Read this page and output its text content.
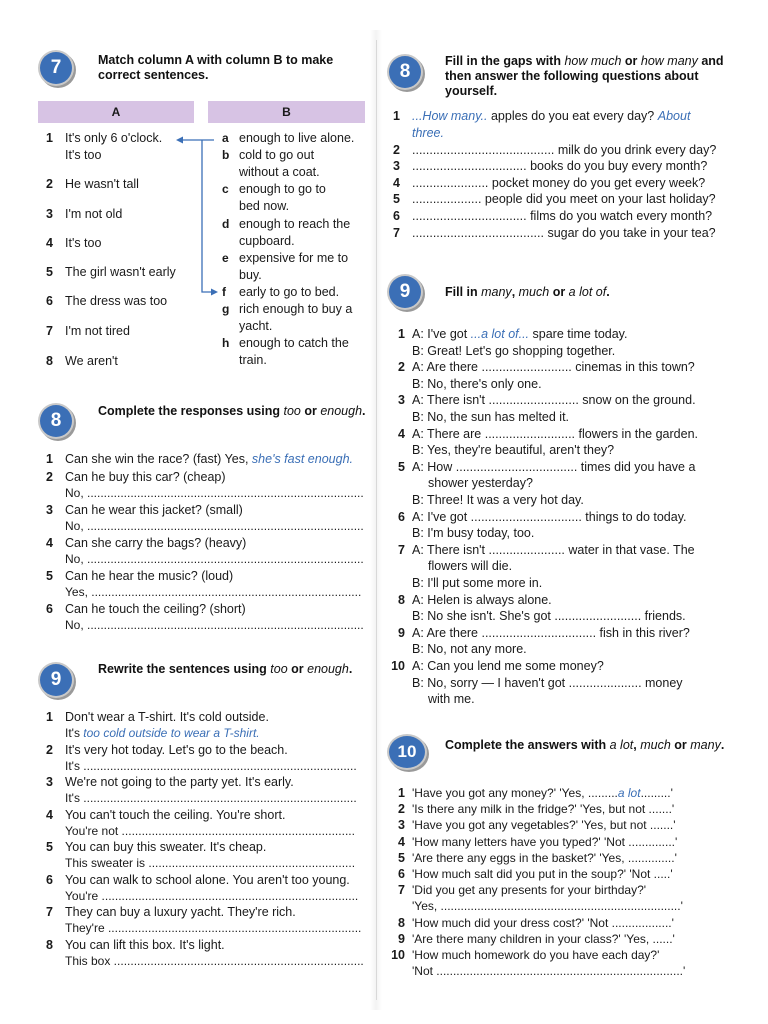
7	Match column A with column B to make correct sentences.
A	B
1 It's only 6 o'clock.
It's too
2 He wasn't tall
3 I'm not old
4 It's too
5 The girl wasn't early
6 The dress was too
7 I'm not tired
8 We aren't
a enough to live alone.
b cold to go out
without a coat.
c enough to go to
bed now.
d enough to reach the
cupboard.
e expensive for me to
buy.
f early to go to bed.
g rich enough to buy a
yacht.
h enough to catch the
train.
8	Complete the responses using too or enough.
1 Can she win the race? (fast) Yes, she's fast enough.
2 Can he buy this car? (cheap)
No, ...................................................................................
3 Can he wear this jacket? (small)
No, ...................................................................................
4 Can she carry the bags? (heavy)
No, ...................................................................................
5 Can he hear the music? (loud)
Yes, .................................................................................
6 Can he touch the ceiling? (short)
No, ...................................................................................
9	Rewrite the sentences using too or enough.
1 Don't wear a T-shirt. It's cold outside.
It's too cold outside to wear a T-shirt.
2 It's very hot today. Let's go to the beach.
It's ..................................................................................
3 We're not going to the party yet. It's early.
It's ..................................................................................
4 You can't touch the ceiling. You're short.
You're not ......................................................................
5 You can buy this sweater. It's cheap.
This sweater is ..............................................................
6 You can walk to school alone. You aren't too young.
You're .............................................................................
7 They can buy a luxury yacht. They're rich.
They're ............................................................................
8 You can lift this box. It's light.
This box ...........................................................................
8	Fill in the gaps with how much or how many and then answer the following questions about yourself.
1 ...How many.. apples do you eat every day? About
three.
2 ......................................... milk do you drink every day?
3 ................................. books do you buy every month?
4 ...................... pocket money do you get every week?
5 .................... people did you meet on your last holiday?
6 ................................. films do you watch every month?
7 ...................................... sugar do you take in your tea?
9	Fill in many, much or a lot of.
1 A: I've got ...a lot of... spare time today.
B: Great! Let's go shopping together.
2 A: Are there .......................... cinemas in this town?
B: No, there's only one.
3 A: There isn't .......................... snow on the ground.
B: No, the sun has melted it.
4 A: There are .......................... flowers in the garden.
B: Yes, they're beautiful, aren't they?
5 A: How ................................... times did you have a
shower yesterday?
B: Three! It was a very hot day.
6 A: I've got ................................ things to do today.
B: I'm busy today, too.
7 A: There isn't ...................... water in that vase. The
flowers will die.
B: I'll put some more in.
8 A: Helen is always alone.
B: No she isn't. She's got ......................... friends.
9 A: Are there ................................. fish in this river?
B: No, not any more.
10 A: Can you lend me some money?
B: No, sorry — I haven't got ..................... money
with me.
10 Complete the answers with a lot, much or many.
1 'Have you got any money?' 'Yes, .........a lot.........'
2 'Is there any milk in the fridge?' 'Yes, but not .......'
3 'Have you got any vegetables?' 'Yes, but not .......'
4 'How many letters have you typed?' 'Not ..............'
5 'Are there any eggs in the basket?' 'Yes, ..............'
6 'How much salt did you put in the soup?' 'Not .....'
7 'Did you get any presents for your birthday?'
'Yes, ........................................................................'
8 'How much did your dress cost?' 'Not ..................'
9 'Are there many children in your class?' 'Yes, ......'
10 'How much homework do you have each day?'
'Not ..........................................................................'
